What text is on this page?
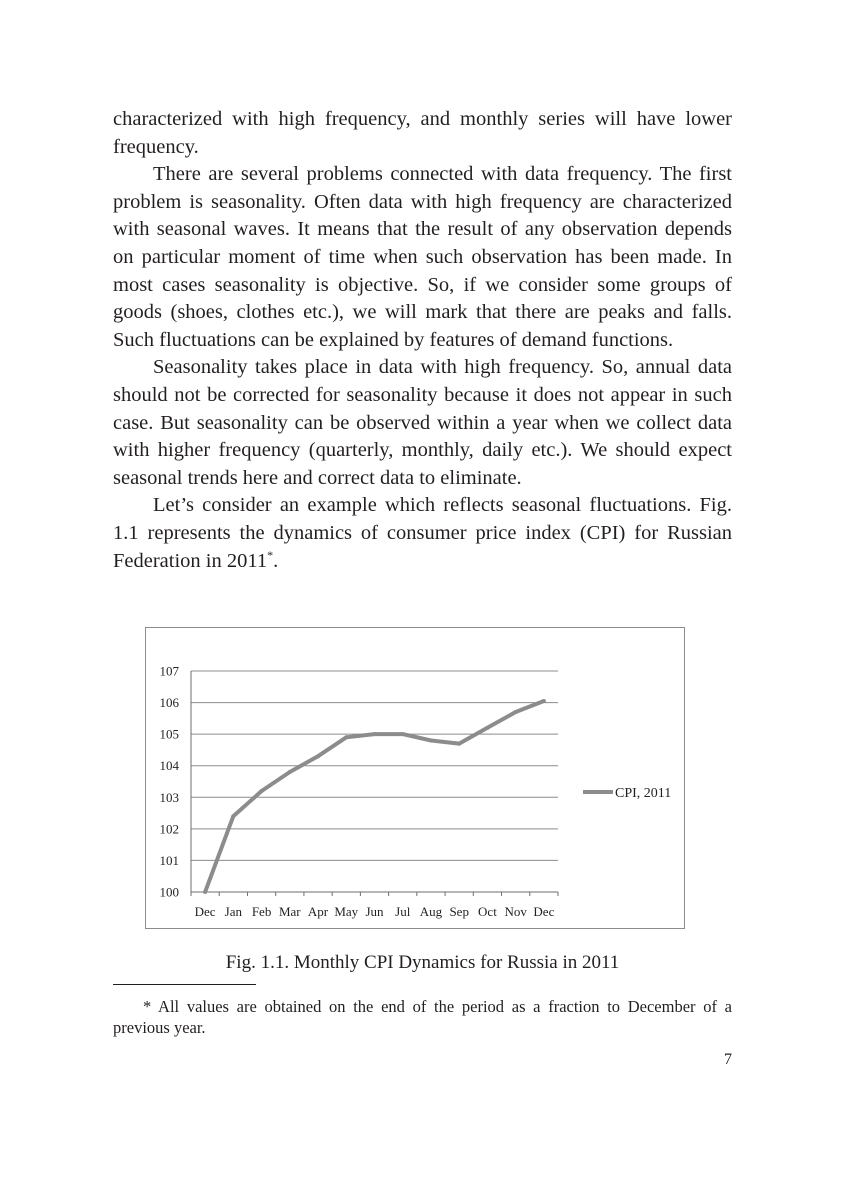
characterized with high frequency, and monthly series will have lower frequency.

There are several problems connected with data frequency. The first problem is seasonality. Often data with high frequency are characterized with seasonal waves. It means that the result of any observation depends on particular moment of time when such observation has been made. In most cases seasonality is objective. So, if we consider some groups of goods (shoes, clothes etc.), we will mark that there are peaks and falls. Such fluctuations can be explained by features of demand functions.

Seasonality takes place in data with high frequency. So, annual data should not be corrected for seasonality because it does not appear in such case. But seasonality can be observed within a year when we collect data with higher frequency (quarterly, monthly, daily etc.). We should expect seasonal trends here and correct data to eliminate.

Let’s consider an example which reflects seasonal fluctuations. Fig. 1.1 represents the dynamics of consumer price index (CPI) for Russian Federation in 2011*.

100
101
102
103
104
105
106
107
Dec Jan Feb Mar Apr May Jun Jul Aug Sep Oct Nov Dec
CPI, 2011
Fig. 1.1. Monthly CPI Dynamics for Russia in 2011
* All values are obtained on the end of the period as a fraction to December of a previous year.
7
